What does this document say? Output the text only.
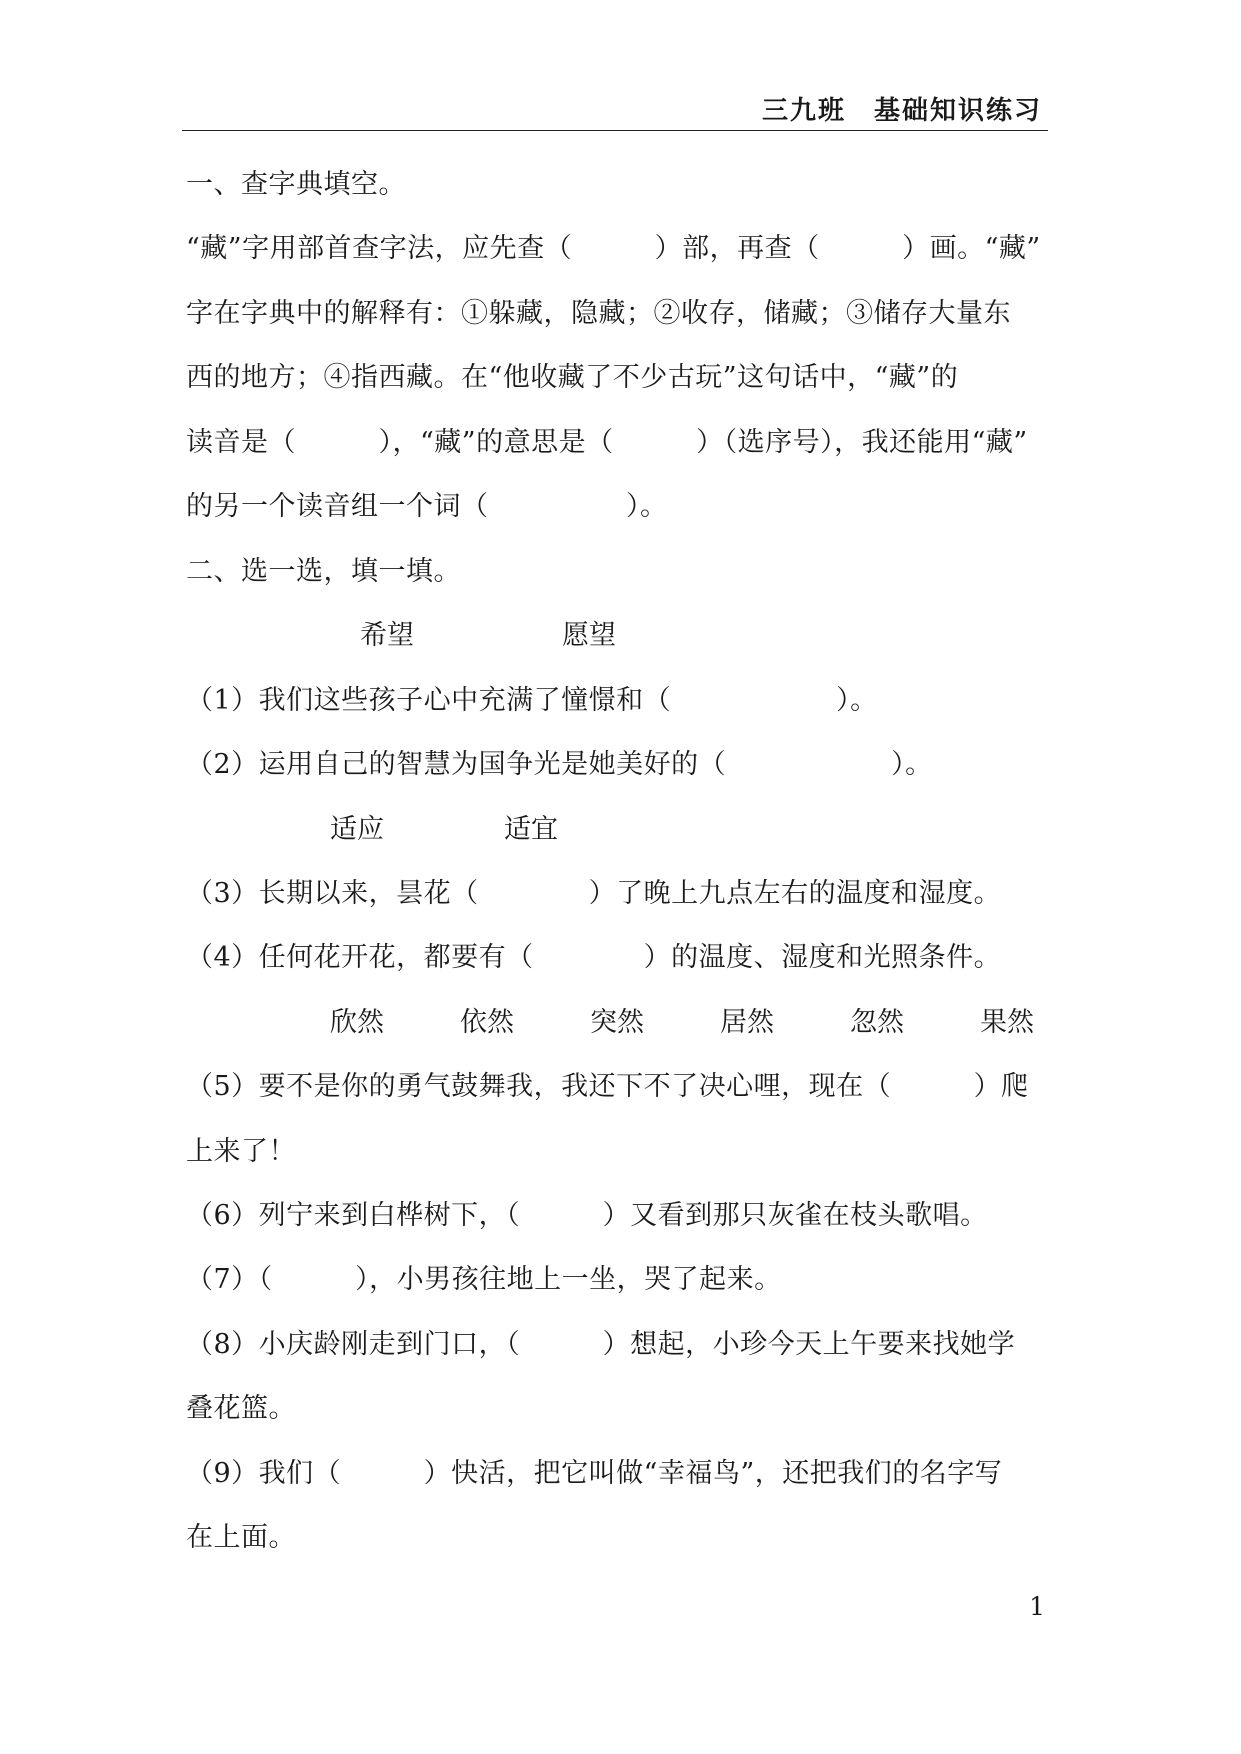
三九班　基础知识练习
一、查字典填空。
“藏”字用部首查字法，应先查（　　　）部，再查（　　　）画。“藏”
字在字典中的解释有：①躲藏，隐藏；②收存，储藏；③储存大量东
西的地方；④指西藏。在“他收藏了不少古玩”这句话中，“藏”的
读音是（　　　），“藏”的意思是（　　　）（选序号），我还能用“藏”
的另一个读音组一个词（　　　　　）。
二、选一选，填一填。
希望	愿望
（1）我们这些孩子心中充满了憧憬和（　　　　　　）。
（2）运用自己的智慧为国争光是她美好的（　　　　　　）。
适应	适宜
（3）长期以来，昙花（　　　　）了晚上九点左右的温度和湿度。
（4）任何花开花，都要有（　　　　）的温度、湿度和光照条件。
欣然	依然	突然	居然	忽然	果然
（5）要不是你的勇气鼓舞我，我还下不了决心哩，现在（　　　）爬
上来了！
（6）列宁来到白桦树下，（　　　）又看到那只灰雀在枝头歌唱。
（7）（　　　），小男孩往地上一坐，哭了起来。
（8）小庆龄刚走到门口，（　　　）想起，小珍今天上午要来找她学
叠花篮。
（9）我们（　　　）快活，把它叫做“幸福鸟”，还把我们的名字写
在上面。
1
